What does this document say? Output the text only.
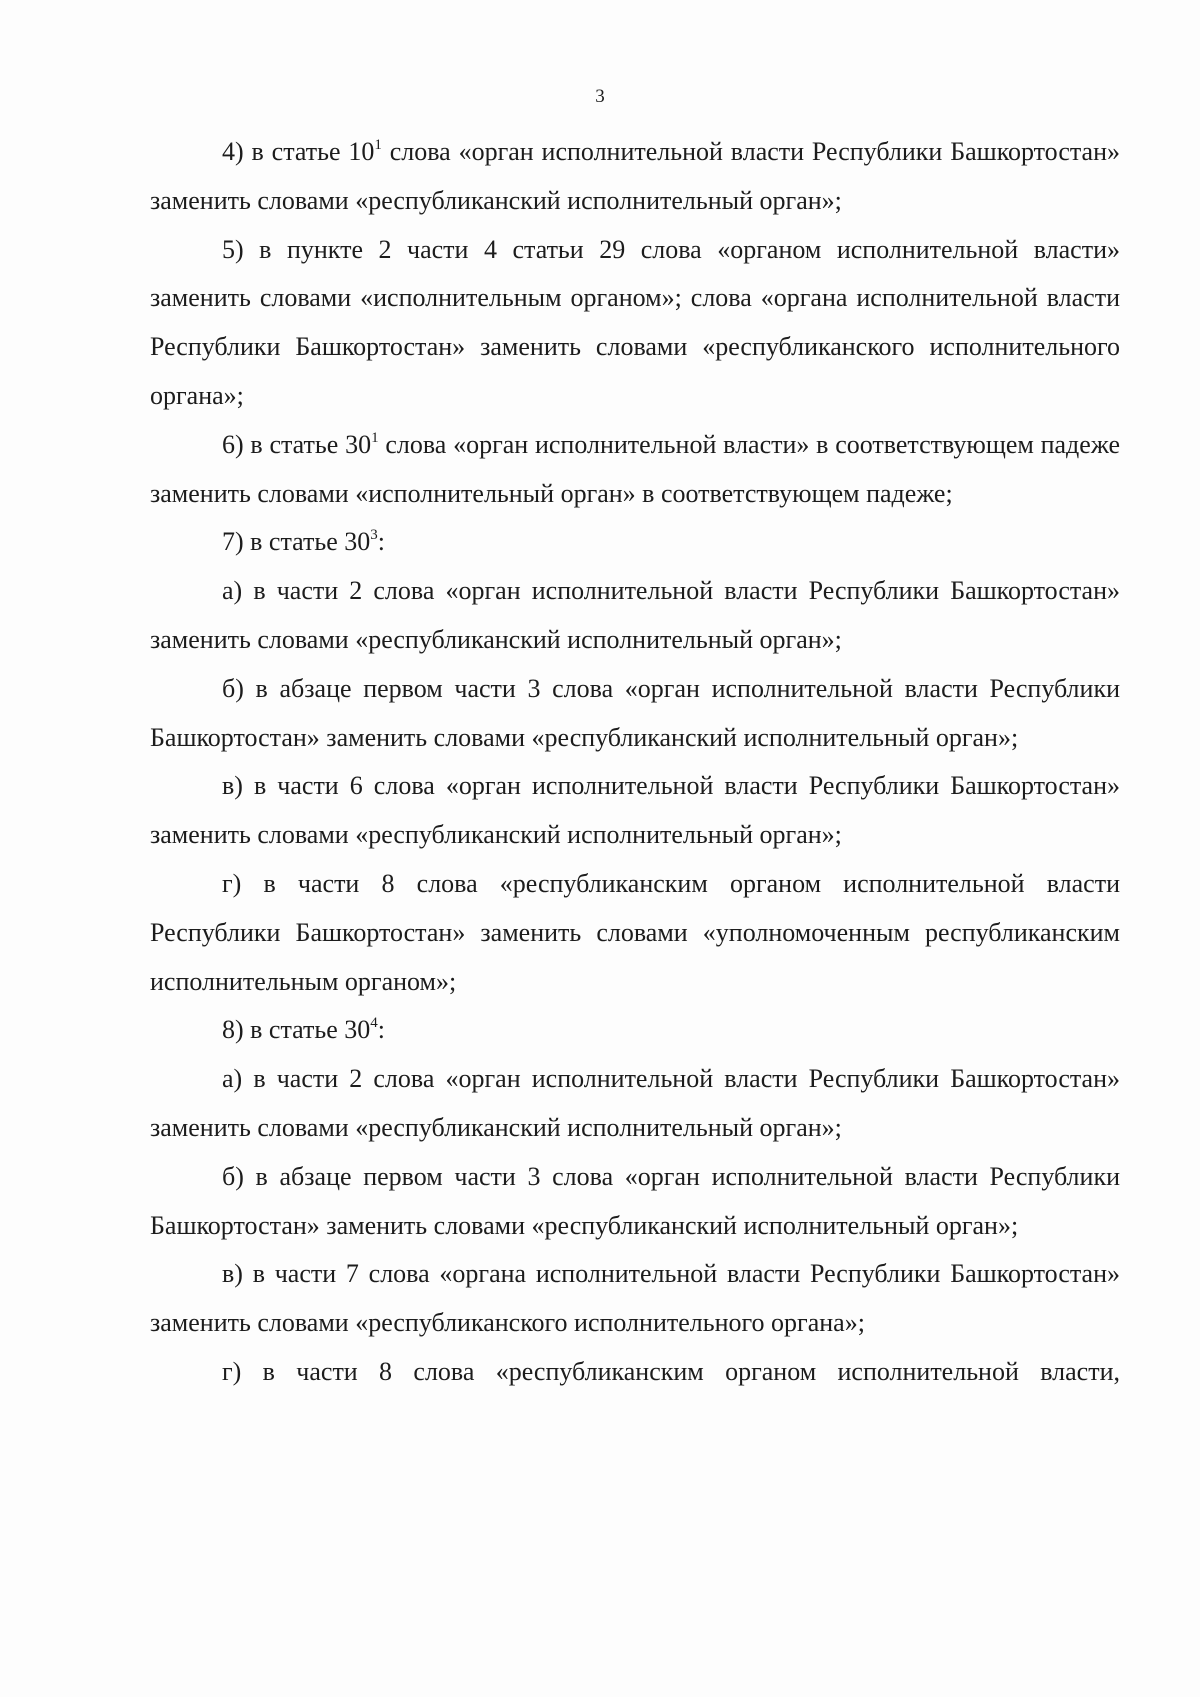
3

4) в статье $10^1$ слова «орган исполнительной власти Республики Башкортостан» заменить словами «республиканский исполнительный орган»;

5) в пункте 2 части 4 статьи 29 слова «органом исполнительной власти» заменить словами «исполнительным органом»; слова «органа исполнительной власти Республики Башкортостан» заменить словами «республиканского исполнительного органа»;

6) в статье $30^1$ слова «орган исполнительной власти» в соответствующем падеже заменить словами «исполнительный орган» в соответствующем падеже;

7) в статье $30^3$:

а) в части 2 слова «орган исполнительной власти Республики Башкортостан» заменить словами «республиканский исполнительный орган»;

б) в абзаце первом части 3 слова «орган исполнительной власти Республики Башкортостан» заменить словами «республиканский исполнительный орган»;

в) в части 6 слова «орган исполнительной власти Республики Башкортостан» заменить словами «республиканский исполнительный орган»;

г) в части 8 слова «республиканским органом исполнительной власти Республики Башкортостан» заменить словами «уполномоченным республиканским исполнительным органом»;

8) в статье $30^4$:

а) в части 2 слова «орган исполнительной власти Республики Башкортостан» заменить словами «республиканский исполнительный орган»;

б) в абзаце первом части 3 слова «орган исполнительной власти Республики Башкортостан» заменить словами «республиканский исполнительный орган»;

в) в части 7 слова «органа исполнительной власти Республики Башкортостан» заменить словами «республиканского исполнительного органа»;

г) в части 8 слова «республиканским органом исполнительной власти,
